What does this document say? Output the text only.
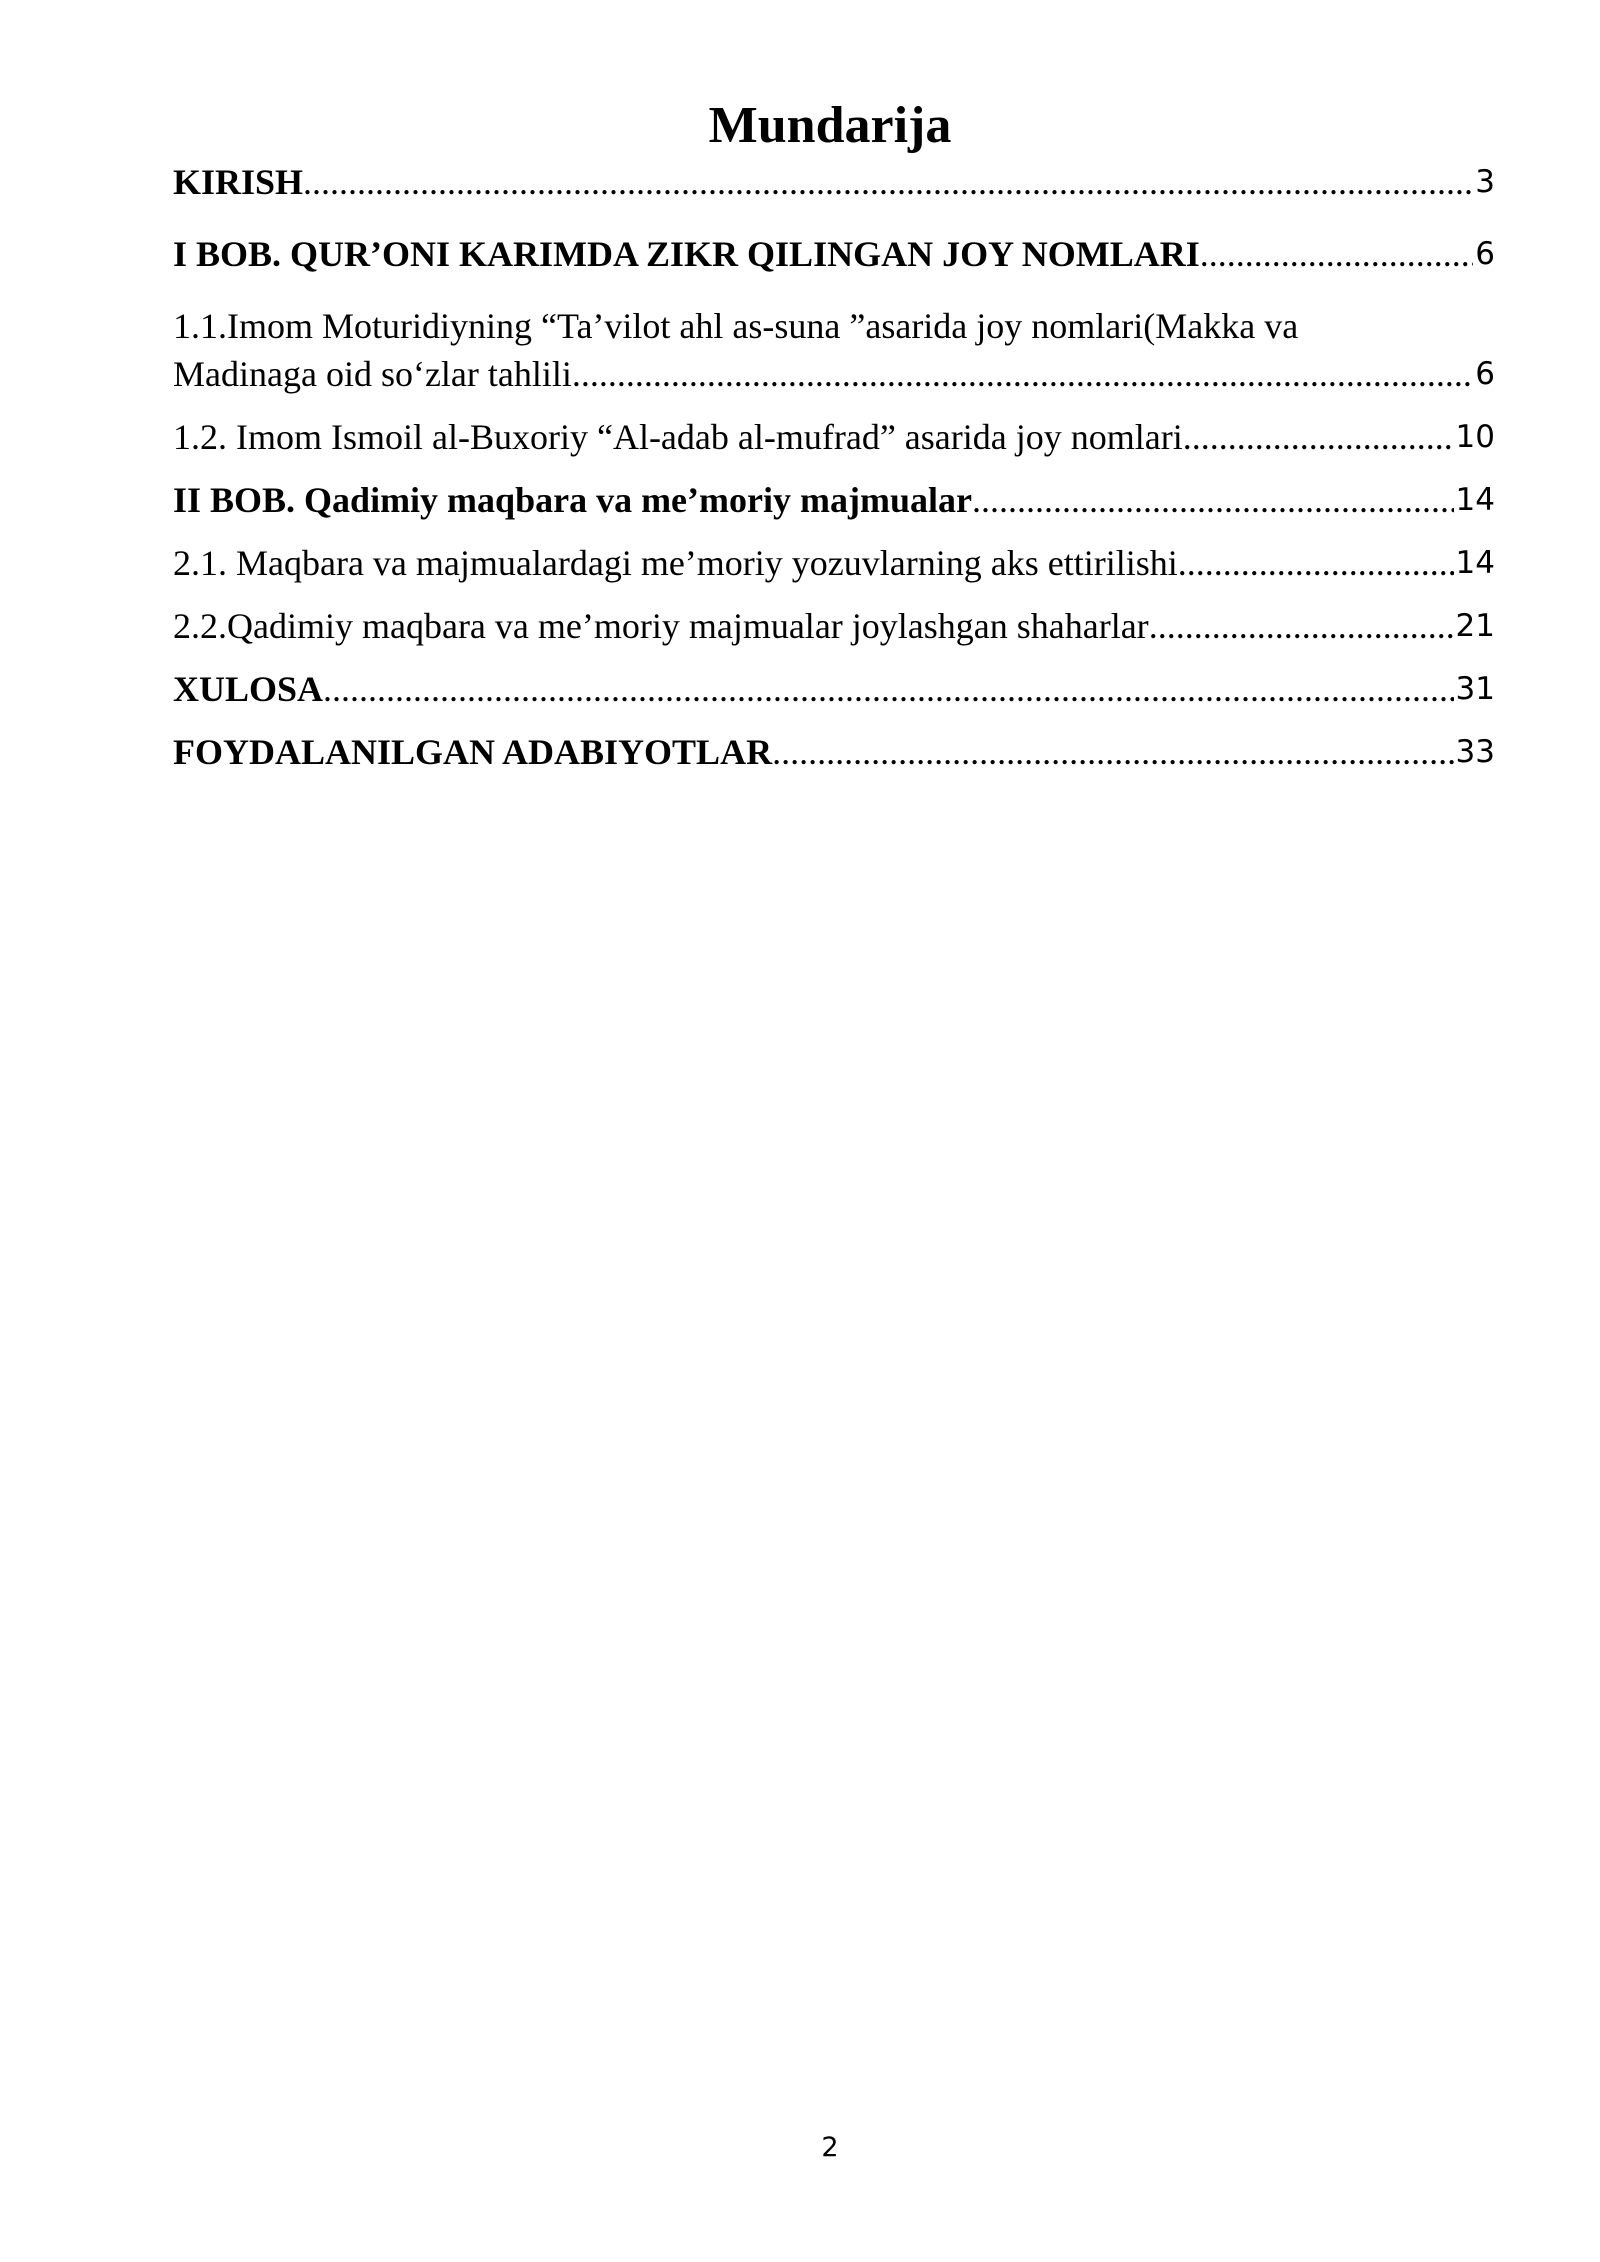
Mundarija
KIRISH .....	3
I BOB. QUR’ONI KARIMDA ZIKR QILINGAN JOY NOMLARI .....	6
1.1.Imom Moturidiyning “Ta’vilot ahl as-suna ”asarida joy nomlari(Makka va
Madinaga oid so‘zlar tahlili .....	6
1.2. Imom Ismoil al-Buxoriy “Al-adab al-mufrad” asarida joy nomlari .....	10
II BOB. Qadimiy maqbara va me’moriy majmualar .....	14
2.1. Maqbara va majmualardagi me’moriy yozuvlarning aks ettirilishi .....	14
2.2.Qadimiy maqbara va me’moriy majmualar joylashgan shaharlar .....	21
XULOSA .....	31
FOYDALANILGAN ADABIYOTLAR .....	33
2
